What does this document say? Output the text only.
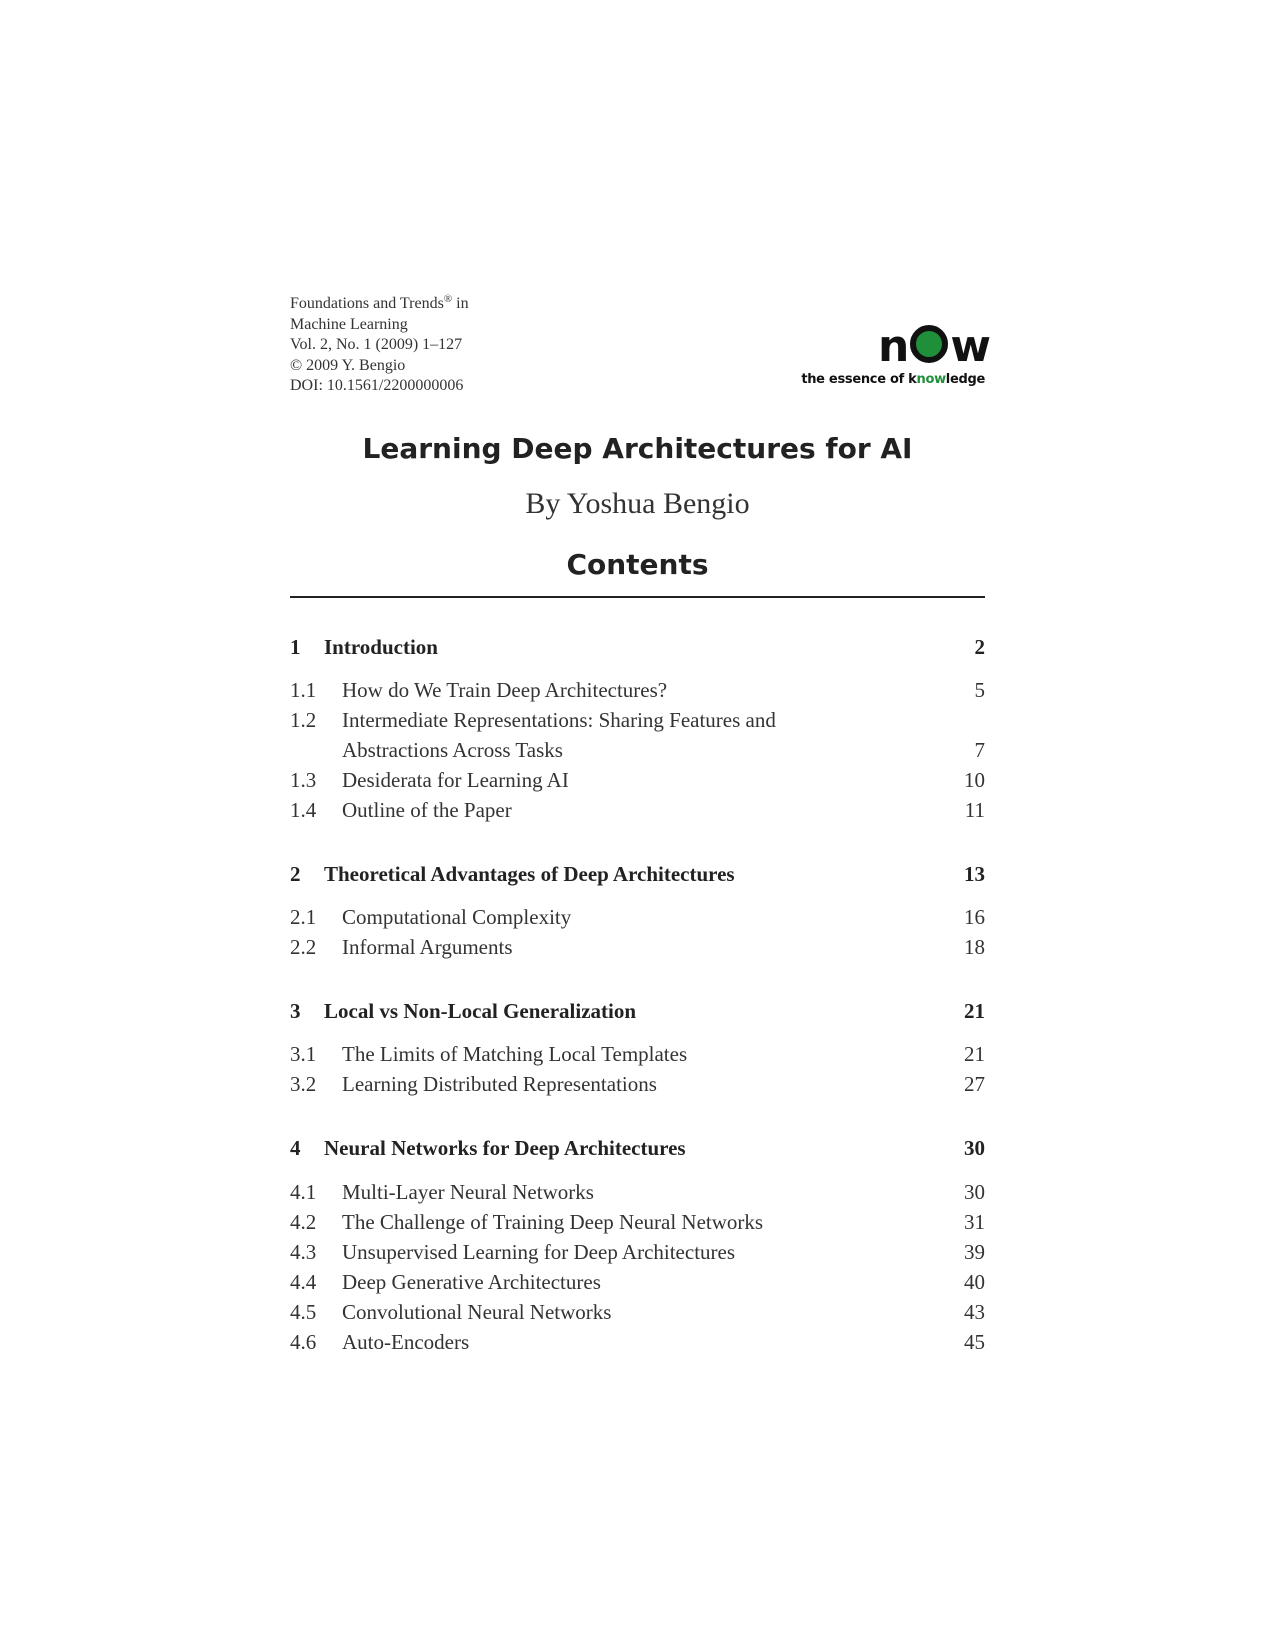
Foundations and Trends® in
Machine Learning
Vol. 2, No. 1 (2009) 1–127
© 2009 Y. Bengio
DOI: 10.1561/2200000006
n w
the essence of knowledge
Learning Deep Architectures for AI
By Yoshua Bengio
Contents
1 Introduction	2
1.1 How do We Train Deep Architectures?	5
1.2 Intermediate Representations: Sharing Features and
Abstractions Across Tasks	7
1.3 Desiderata for Learning AI	10
1.4 Outline of the Paper	11
2 Theoretical Advantages of Deep Architectures	13
2.1 Computational Complexity	16
2.2 Informal Arguments	18
3 Local vs Non-Local Generalization	21
3.1 The Limits of Matching Local Templates	21
3.2 Learning Distributed Representations	27
4 Neural Networks for Deep Architectures	30
4.1 Multi-Layer Neural Networks	30
4.2 The Challenge of Training Deep Neural Networks	31
4.3 Unsupervised Learning for Deep Architectures	39
4.4 Deep Generative Architectures	40
4.5 Convolutional Neural Networks	43
4.6 Auto-Encoders	45
